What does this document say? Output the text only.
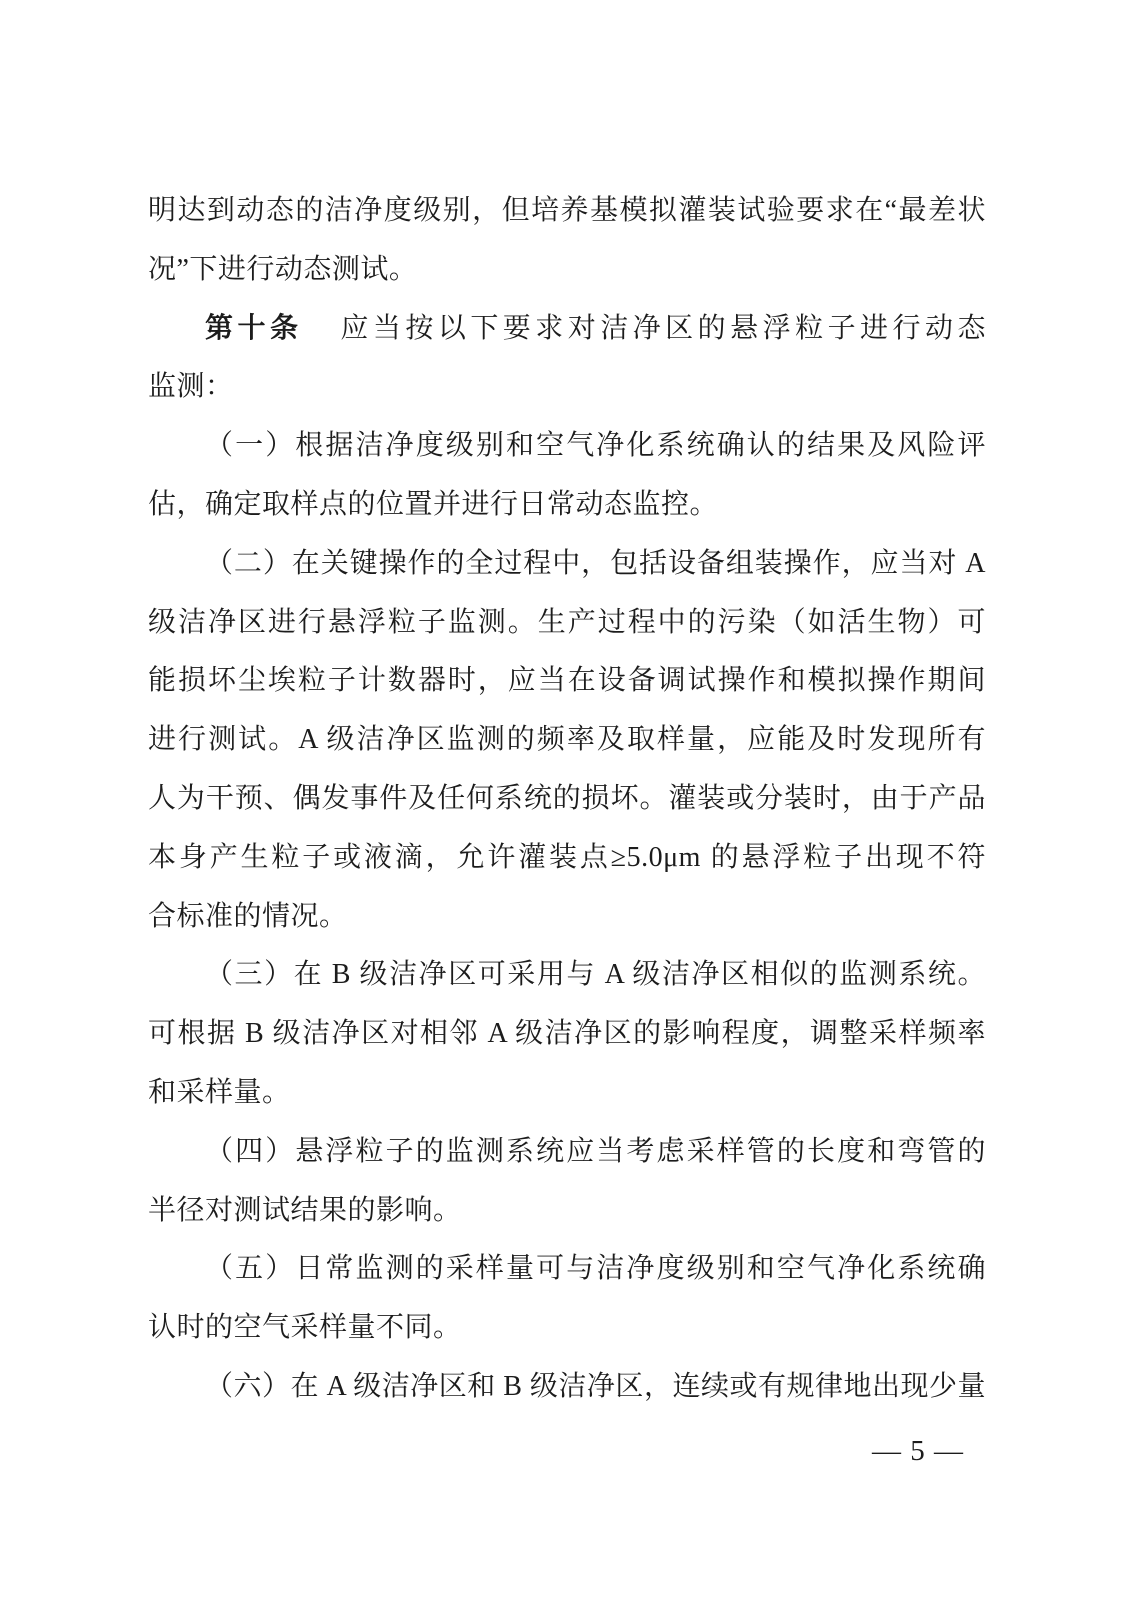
明达到动态的洁净度级别，但培养基模拟灌装试验要求在“最差状
况”下进行动态测试。
第十条 应当按以下要求对洁净区的悬浮粒子进行动态
监测：
（一）根据洁净度级别和空气净化系统确认的结果及风险评
估，确定取样点的位置并进行日常动态监控。
（二）在关键操作的全过程中，包括设备组装操作，应当对 A
级洁净区进行悬浮粒子监测。生产过程中的污染（如活生物）可
能损坏尘埃粒子计数器时，应当在设备调试操作和模拟操作期间
进行测试。A 级洁净区监测的频率及取样量，应能及时发现所有
人为干预、偶发事件及任何系统的损坏。灌装或分装时，由于产品
本身产生粒子或液滴，允许灌装点≥5.0μm 的悬浮粒子出现不符
合标准的情况。
（三）在 B 级洁净区可采用与 A 级洁净区相似的监测系统。
可根据 B 级洁净区对相邻 A 级洁净区的影响程度，调整采样频率
和采样量。
（四）悬浮粒子的监测系统应当考虑采样管的长度和弯管的
半径对测试结果的影响。
（五）日常监测的采样量可与洁净度级别和空气净化系统确
认时的空气采样量不同。
（六）在 A 级洁净区和 B 级洁净区，连续或有规律地出现少量
— 5 —
